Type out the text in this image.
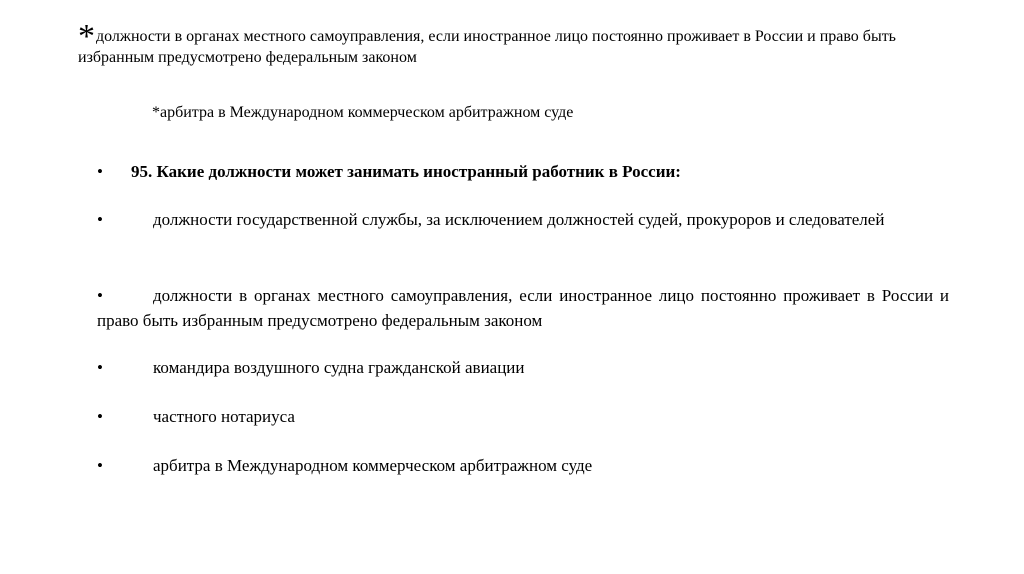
*должности в органах местного самоуправления, если иностранное лицо постоянно проживает в России и право быть избранным предусмотрено федеральным законом
*арбитра в Международном коммерческом арбитражном суде
•	95. Какие должности может занимать иностранный работник в России:

•	должности государственной службы, за исключением должностей судей, прокуроров и следователей

•	должности в органах местного самоуправления, если иностранное лицо постоянно проживает в России и право быть избранным предусмотрено федеральным законом

•	командира воздушного судна гражданской авиации

•	частного нотариуса

•	арбитра в Международном коммерческом арбитражном суде
